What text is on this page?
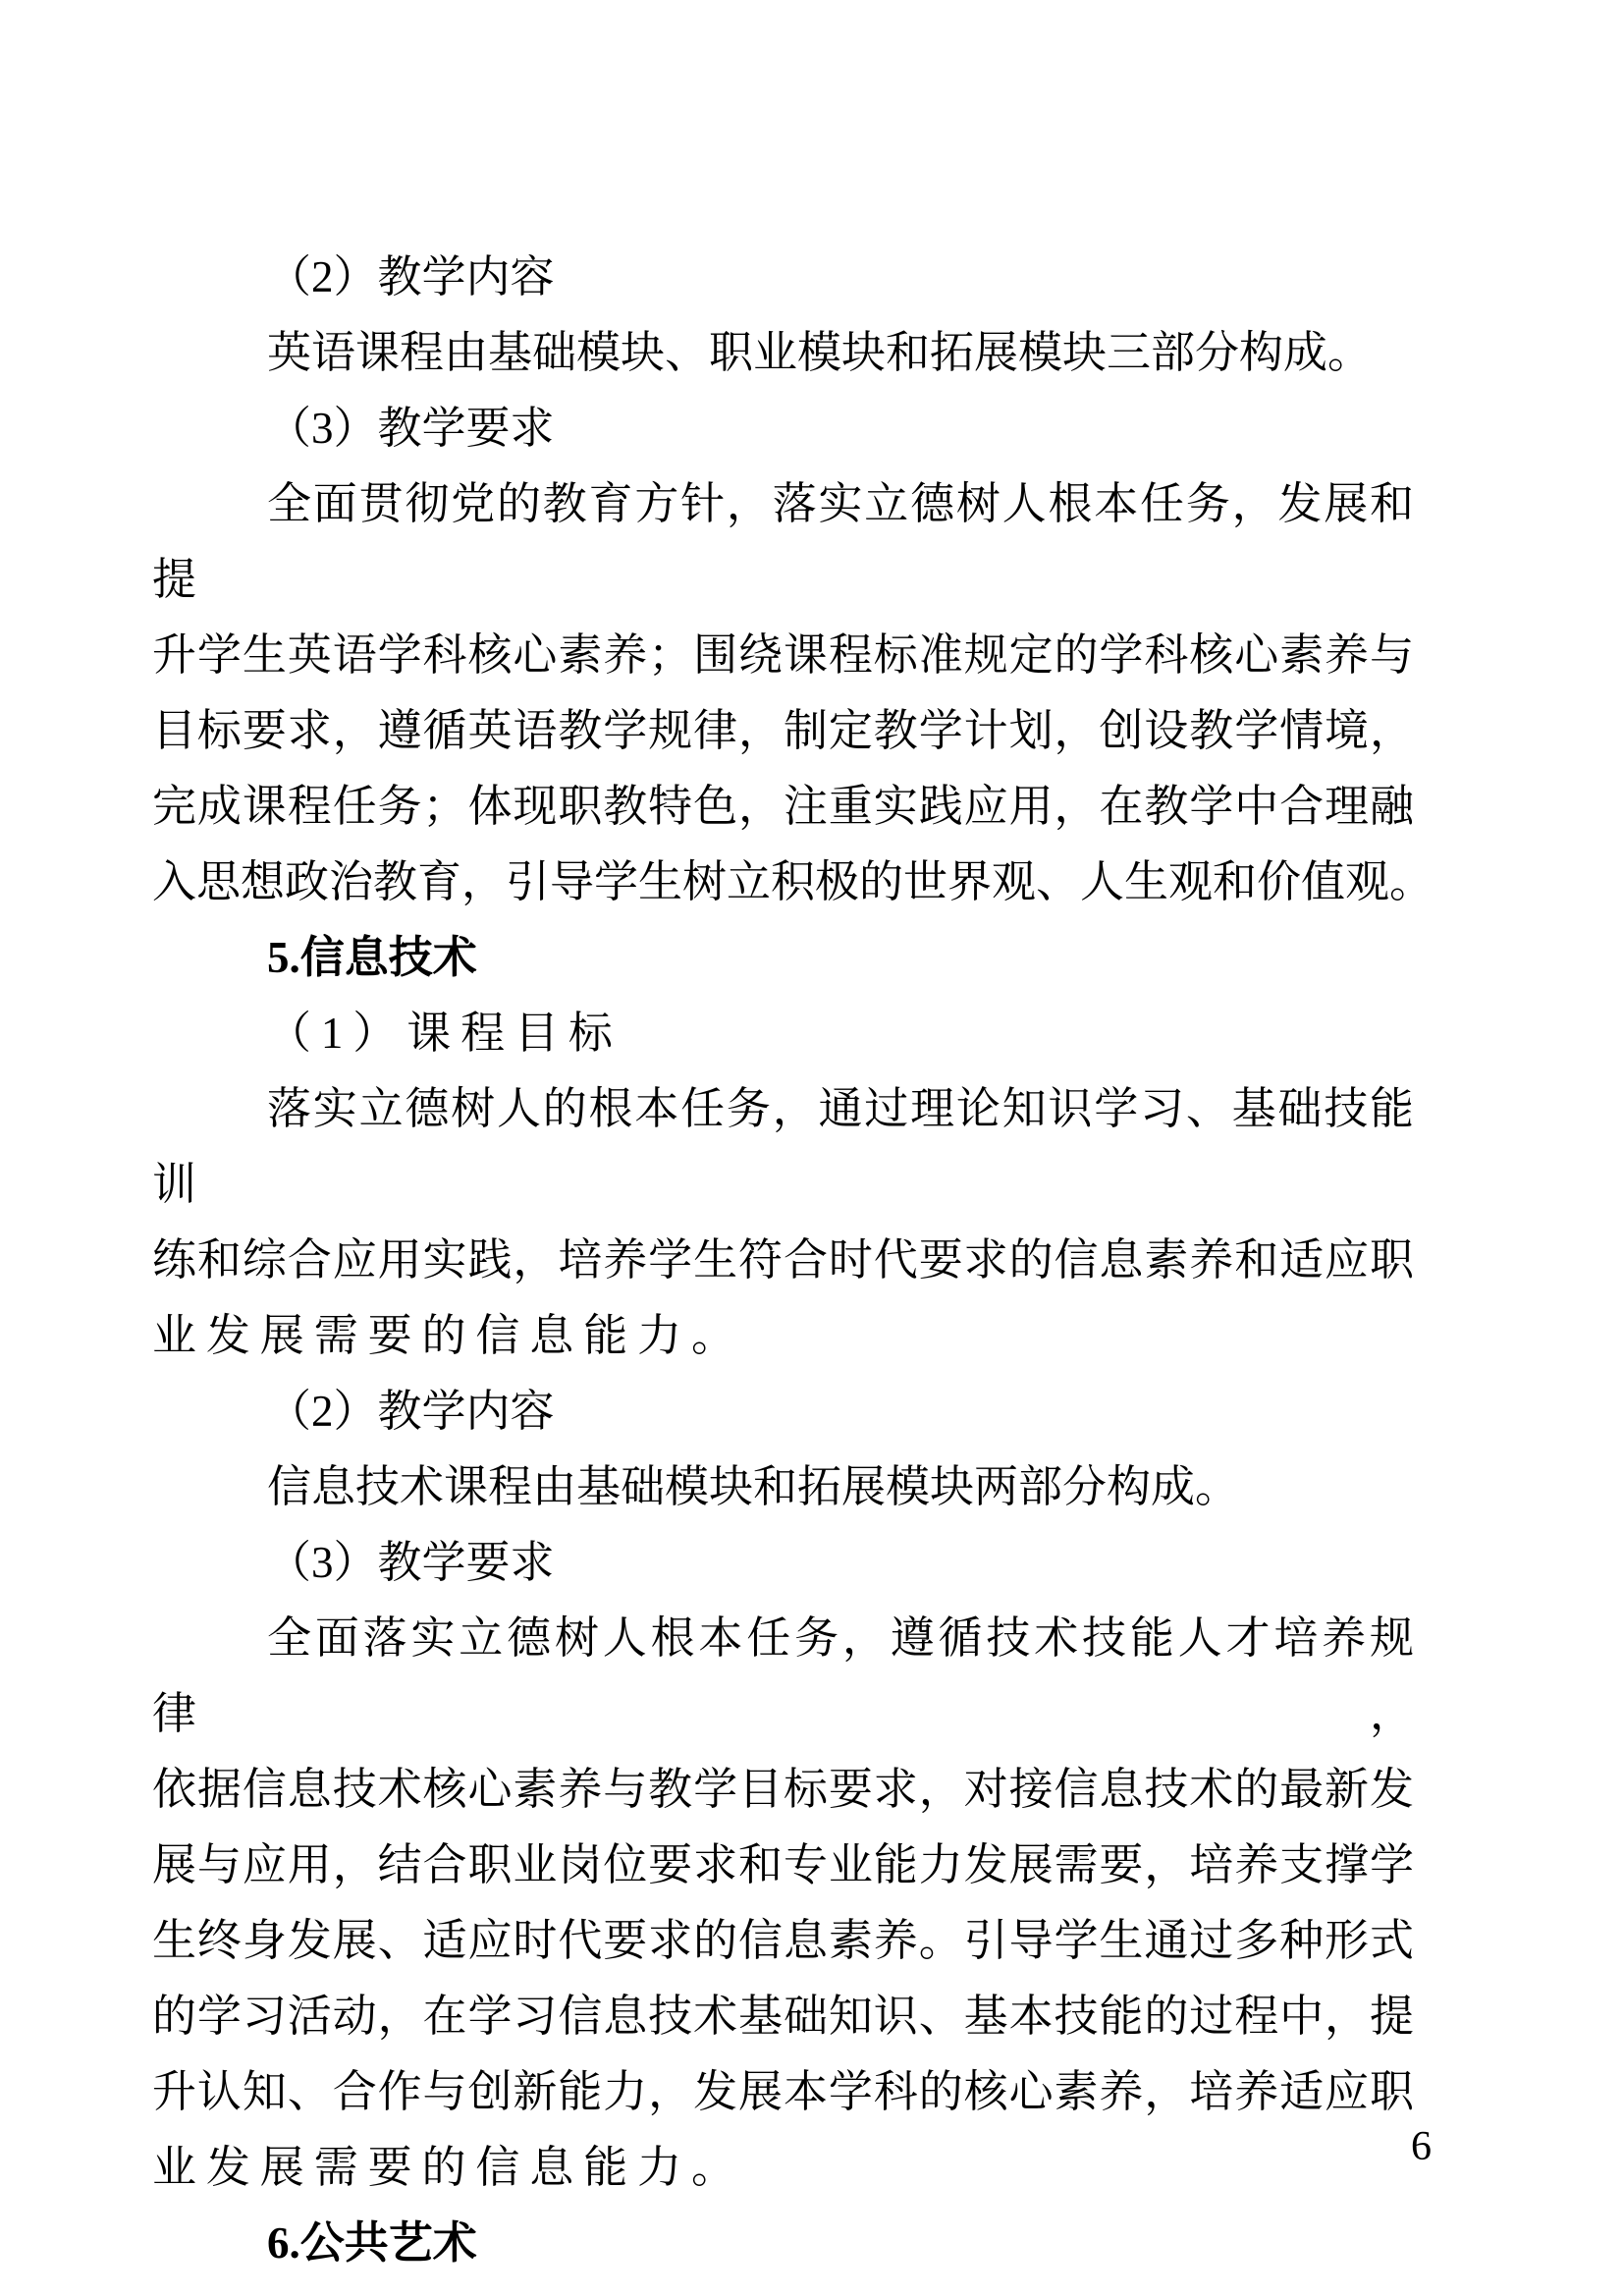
（2）教学内容
英语课程由基础模块、职业模块和拓展模块三部分构成。
（3）教学要求
全面贯彻党的教育方针，落实立德树人根本任务，发展和提
升学生英语学科核心素养；围绕课程标准规定的学科核心素养与
目标要求，遵循英语教学规律，制定教学计划，创设教学情境，
完成课程任务；体现职教特色，注重实践应用，在教学中合理融
入思想政治教育，引导学生树立积极的世界观、人生观和价值观。
5.信息技术
（1）课程目标
落实立德树人的根本任务，通过理论知识学习、基础技能训
练和综合应用实践，培养学生符合时代要求的信息素养和适应职
业发展需要的信息能力。
（2）教学内容
信息技术课程由基础模块和拓展模块两部分构成。
（3）教学要求
全面落实立德树人根本任务，遵循技术技能人才培养规律，
依据信息技术核心素养与教学目标要求，对接信息技术的最新发
展与应用，结合职业岗位要求和专业能力发展需要，培养支撑学
生终身发展、适应时代要求的信息素养。引导学生通过多种形式
的学习活动，在学习信息技术基础知识、基本技能的过程中，提
升认知、合作与创新能力，发展本学科的核心素养，培养适应职
业发展需要的信息能力。
6.公共艺术
6
